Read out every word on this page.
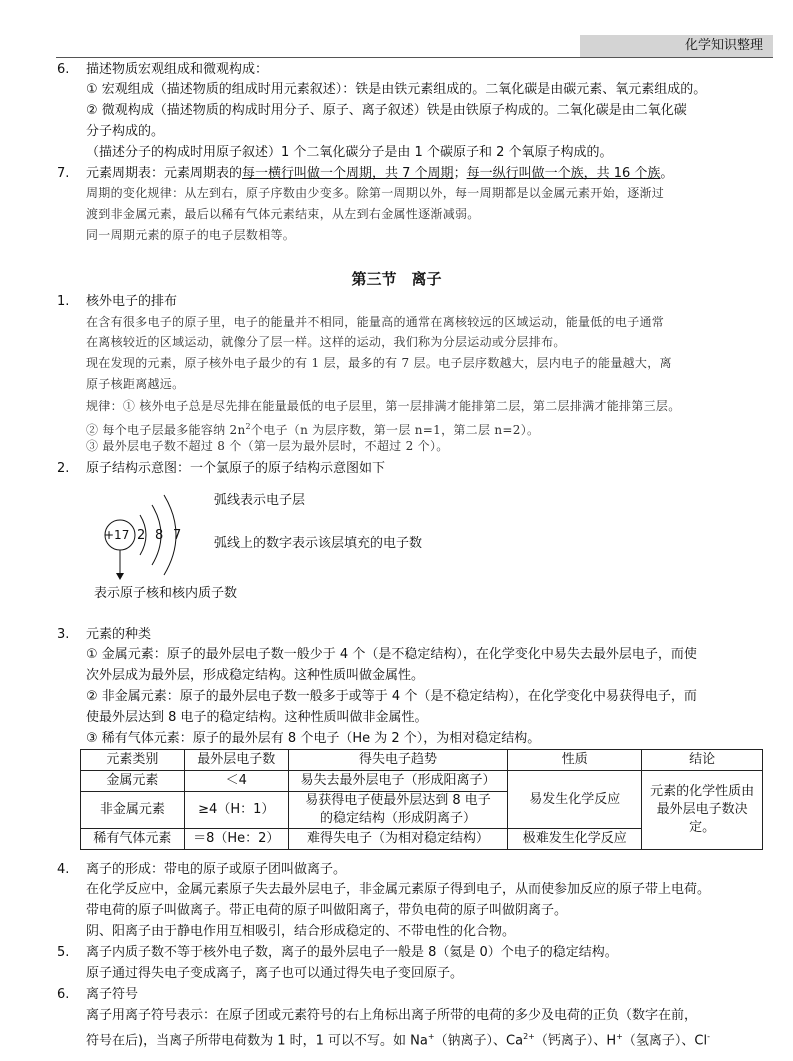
化学知识整理
6. 描述物质宏观组成和微观构成：
① 宏观组成（描述物质的组成时用元素叙述）：铁是由铁元素组成的。二氧化碳是由碳元素、氧元素组成的。
② 微观构成（描述物质的构成时用分子、原子、离子叙述）铁是由铁原子构成的。二氧化碳是由二氧化碳
分子构成的。
（描述分子的构成时用原子叙述）1 个二氧化碳分子是由 1 个碳原子和 2 个氧原子构成的。
7. 元素周期表：元素周期表的每一横行叫做一个周期，共 7 个周期；每一纵行叫做一个族，共 16 个族。
周期的变化规律：从左到右，原子序数由少变多。除第一周期以外，每一周期都是以金属元素开始，逐渐过
渡到非金属元素，最后以稀有气体元素结束，从左到右金属性逐渐减弱。
同一周期元素的原子的电子层数相等。
第三节　离子
1. 核外电子的排布
在含有很多电子的原子里，电子的能量并不相同，能量高的通常在离核较远的区域运动，能量低的电子通常
在离核较近的区域运动，就像分了层一样。这样的运动，我们称为分层运动或分层排布。
现在发现的元素，原子核外电子最少的有 1 层，最多的有 7 层。电子层序数越大，层内电子的能量越大，离
原子核距离越远。
规律：① 核外电子总是尽先排在能量最低的电子层里，第一层排满才能排第二层，第二层排满才能排第三层。
② 每个电子层最多能容纳 $2n^2$个电子（n 为层序数，第一层 n=1，第二层 n=2）。
③ 最外层电子数不超过 8 个（第一层为最外层时，不超过 2 个）。
2. 原子结构示意图：一个氯原子的原子结构示意图如下
+17 2 8 7
弧线表示电子层
弧线上的数字表示该层填充的电子数
表示原子核和核内质子数
3. 元素的种类
① 金属元素：原子的最外层电子数一般少于 4 个（是不稳定结构），在化学变化中易失去最外层电子，而使
次外层成为最外层，形成稳定结构。这种性质叫做金属性。
② 非金属元素：原子的最外层电子数一般多于或等于 4 个（是不稳定结构），在化学变化中易获得电子，而
使最外层达到 8 电子的稳定结构。这种性质叫做非金属性。
③ 稀有气体元素：原子的最外层有 8 个电子（He 为 2 个），为相对稳定结构。
元素类别	最外层电子数	得失电子趋势	性质	结论
金属元素	＜4	易失去最外层电子（形成阳离子）	易发生化学反应	元素的化学性质由
最外层电子数决
定。

非金属元素	≥4（H：1）	易获得电子使最外层达到 8 电子
的稳定结构（形成阴离子）		

稀有气体元素	＝8（He：2）	难得失电子（为相对稳定结构）	极难发生化学反应	
4. 离子的形成：带电的原子或原子团叫做离子。
在化学反应中，金属元素原子失去最外层电子，非金属元素原子得到电子，从而使参加反应的原子带上电荷。
带电荷的原子叫做离子。带正电荷的原子叫做阳离子，带负电荷的原子叫做阴离子。
阴、阳离子由于静电作用互相吸引，结合形成稳定的、不带电性的化合物。
5. 离子内质子数不等于核外电子数，离子的最外层电子一般是 8（氦是 0）个电子的稳定结构。
原子通过得失电子变成离子，离子也可以通过得失电子变回原子。
6. 离子符号
离子用离子符号表示：在原子团或元素符号的右上角标出离子所带的电荷的多少及电荷的正负（数字在前，
符号在后)，当离子所带电荷数为 1 时，1 可以不写。如 Na+（钠离子）、$Ca^{2+}$（钙离子）、H+（氢离子）、Cl-
